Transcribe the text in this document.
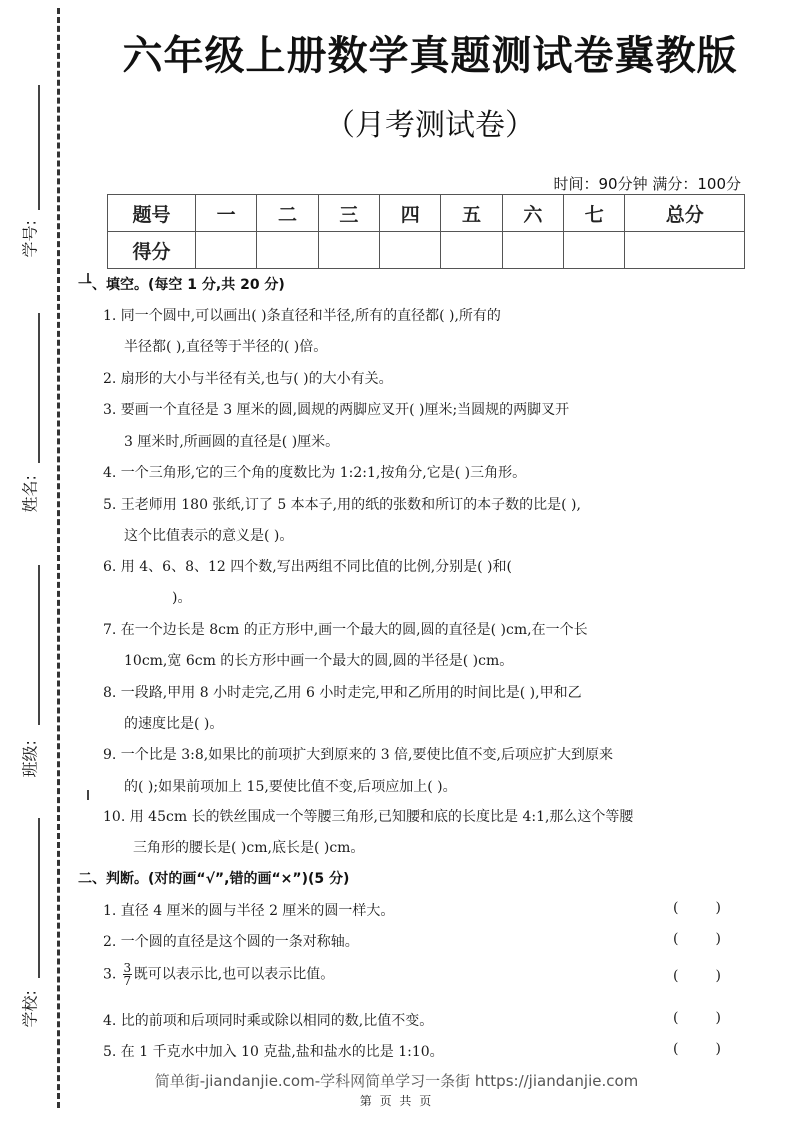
学号:
姓名:
班级:
学校:
六年级上册数学真题测试卷冀教版
（月考测试卷）
时间：90分钟 满分：100分
题号	一	二	三	四	五	六	七	总分
得分								
一、填空。(每空 1 分,共 20 分)
1. 同一个圆中,可以画出( )条直径和半径,所有的直径都( ),所有的
半径都( ),直径等于半径的( )倍。
2. 扇形的大小与半径有关,也与( )的大小有关。
3. 要画一个直径是 3 厘米的圆,圆规的两脚应叉开( )厘米;当圆规的两脚叉开
3 厘米时,所画圆的直径是( )厘米。
4. 一个三角形,它的三个角的度数比为 1:2:1,按角分,它是( )三角形。
5. 王老师用 180 张纸,订了 5 本本子,用的纸的张数和所订的本子数的比是( ),
这个比值表示的意义是( )。
6. 用 4、6、8、12 四个数,写出两组不同比值的比例,分别是( )和(
)。
7. 在一个边长是 8cm 的正方形中,画一个最大的圆,圆的直径是( )cm,在一个长
10cm,宽 6cm 的长方形中画一个最大的圆,圆的半径是( )cm。
8. 一段路,甲用 8 小时走完,乙用 6 小时走完,甲和乙所用的时间比是( ),甲和乙
的速度比是( )。
9. 一个比是 3:8,如果比的前项扩大到原来的 3 倍,要使比值不变,后项应扩大到原来
的( );如果前项加上 15,要使比值不变,后项应加上( )。
10. 用 45cm 长的铁丝围成一个等腰三角形,已知腰和底的长度比是 4:1,那么这个等腰
三角形的腰长是( )cm,底长是( )cm。
二、判断。(对的画“√”,错的画“×”)(5 分)
1. 直径 4 厘米的圆与半径 2 厘米的圆一样大。	(	)
2. 一个圆的直径是这个圆的一条对称轴。	(	)
3. $\frac{3}{7}$ 既可以表示比,也可以表示比值。	(	)
4. 比的前项和后项同时乘或除以相同的数,比值不变。	(	)
5. 在 1 千克水中加入 10 克盐,盐和盐水的比是 1:10。	(	)
简单街-jiandanjie.com-学科网简单学习一条街 https://jiandanjie.com
第 页 共 页
